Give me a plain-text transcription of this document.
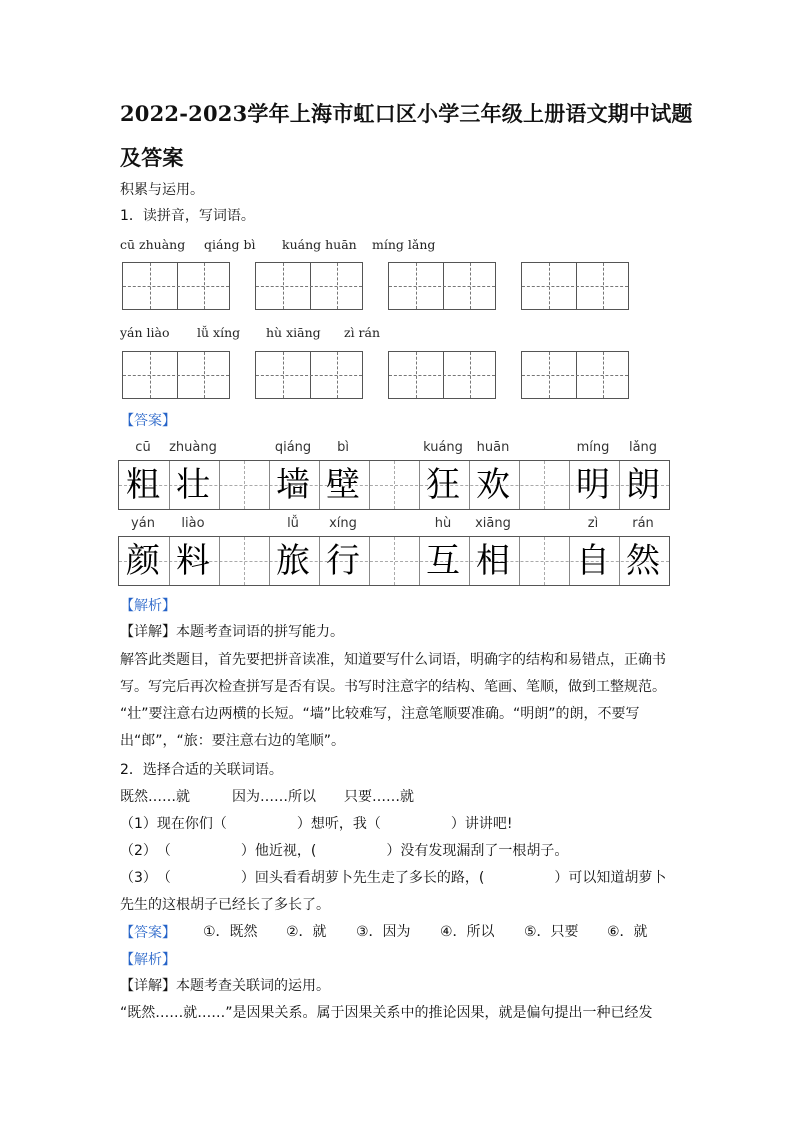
2022-2023学年上海市虹口区小学三年级上册语文期中试题
及答案
积累与运用。
1．读拼音，写词语。
cū zhuàng qiáng bì kuáng huān míng lǎng
yán liào lǚ xíng hù xiāng zì rán
【答案】
cū	zhuàng	qiáng	bì	kuáng	huān	míng	lǎng
粗 壮 墙 壁 狂 欢 明 朗
yán	liào	lǚ	xíng	hù	xiāng	zì	rán
颜 料 旅 行 互 相 自 然
【解析】
【详解】本题考查词语的拼写能力。
解答此类题目，首先要把拼音读准，知道要写什么词语，明确字的结构和易错点，正确书
写。写完后再次检查拼写是否有误。书写时注意字的结构、笔画、笔顺，做到工整规范。
“壮”要注意右边两横的长短。“墙”比较难写，注意笔顺要准确。“明朗”的朗，不要写
出“郎”，“旅：要注意右边的笔顺”。
2．选择合适的关联词语。
既然……就	因为……所以 只要……就
（1）现在你们（　　　　　）想听，我（　　　　　）讲讲吧!
（2）　（　　　　　）他近视，(　　　　　）没有发现漏刮了一根胡子。
（3）　（　　　　　）回头看看胡萝卜先生走了多长的路，(　　　　　）可以知道胡萝卜
先生的这根胡子已经长了多长了。
【答案】 ①．既然 ②．就 ③．因为 ④．所以 ⑤．只要 ⑥．就
【解析】
【详解】本题考查关联词的运用。
“既然……就……”是因果关系。属于因果关系中的推论因果，就是偏句提出一种已经发
